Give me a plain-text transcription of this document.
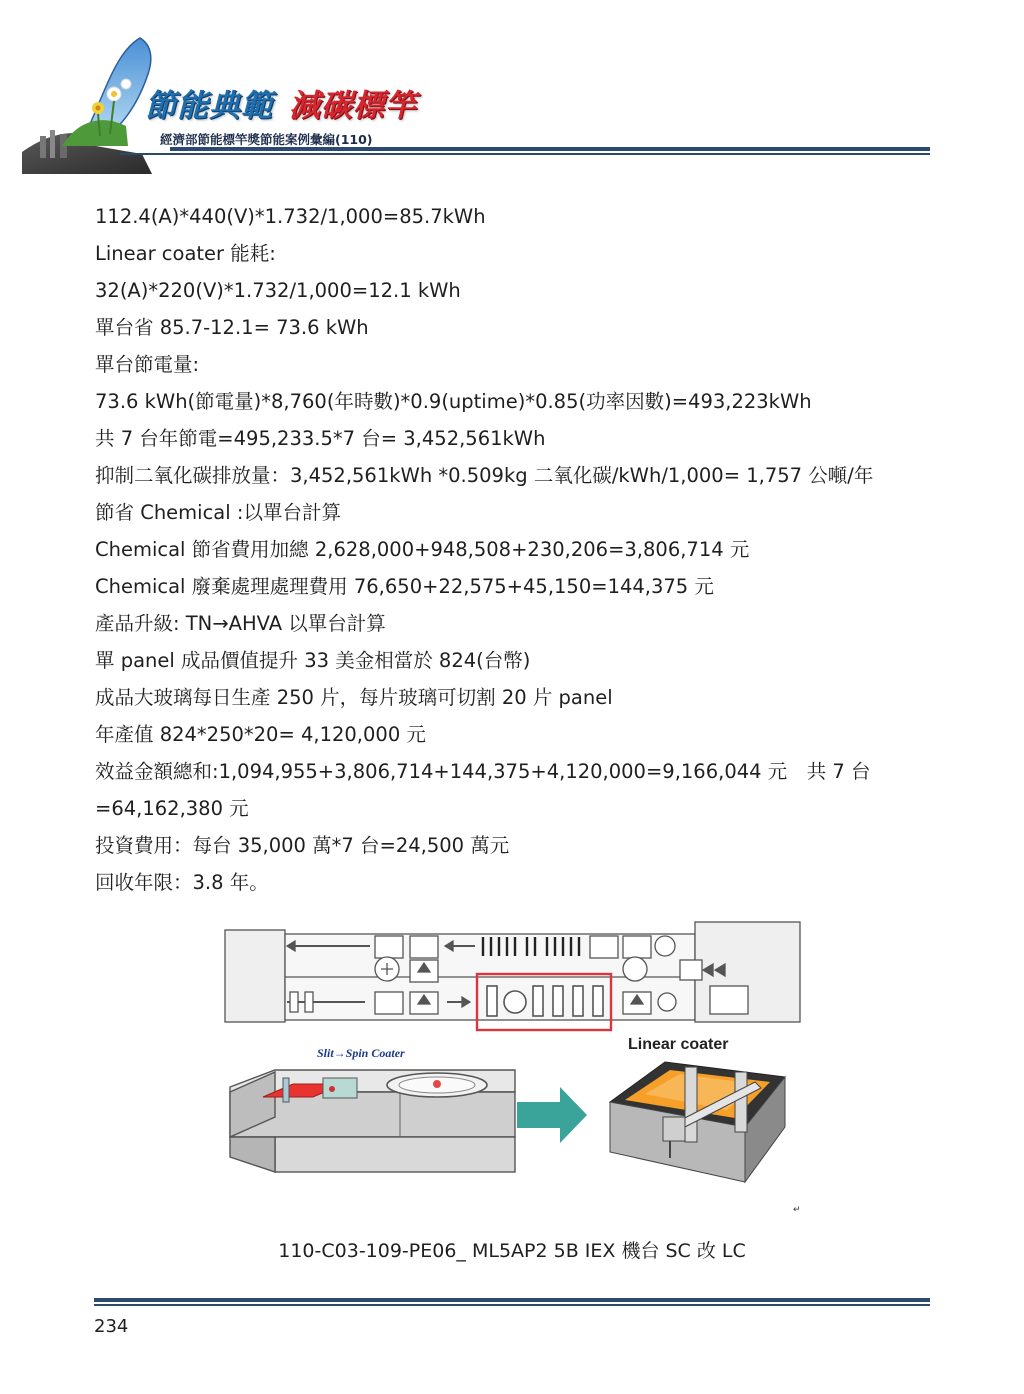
節能典範 減碳標竿
經濟部節能標竿獎節能案例彙編(110)
112.4(A)*440(V)*1.732/1,000=85.7kWh
Linear coater 能耗:
32(A)*220(V)*1.732/1,000=12.1 kWh
單台省 85.7-12.1= 73.6 kWh
單台節電量:
73.6 kWh(節電量)*8,760(年時數)*0.9(uptime)*0.85(功率因數)=493,223kWh
共 7 台年節電=495,233.5*7 台= 3,452,561kWh
抑制二氧化碳排放量：3,452,561kWh *0.509kg 二氧化碳/kWh/1,000= 1,757 公噸/年
節省 Chemical :以單台計算
Chemical 節省費用加總 2,628,000+948,508+230,206=3,806,714 元
Chemical 廢棄處理處理費用 76,650+22,575+45,150=144,375 元
產品升級: TN→AHVA 以單台計算
單 panel 成品價值提升 33 美金相當於 824(台幣)
成品大玻璃每日生產 250 片，每片玻璃可切割 20 片 panel
年產值 824*250*20= 4,120,000 元
效益金額總和:1,094,955+3,806,714+144,375+4,120,000=9,166,044 元　共 7 台
=64,162,380 元
投資費用：每台 35,000 萬*7 台=24,500 萬元
回收年限：3.8 年。
Slit→Spin Coater	Linear coater
↵
110-C03-109-PE06_ ML5AP2 5B IEX 機台 SC 改 LC
234
